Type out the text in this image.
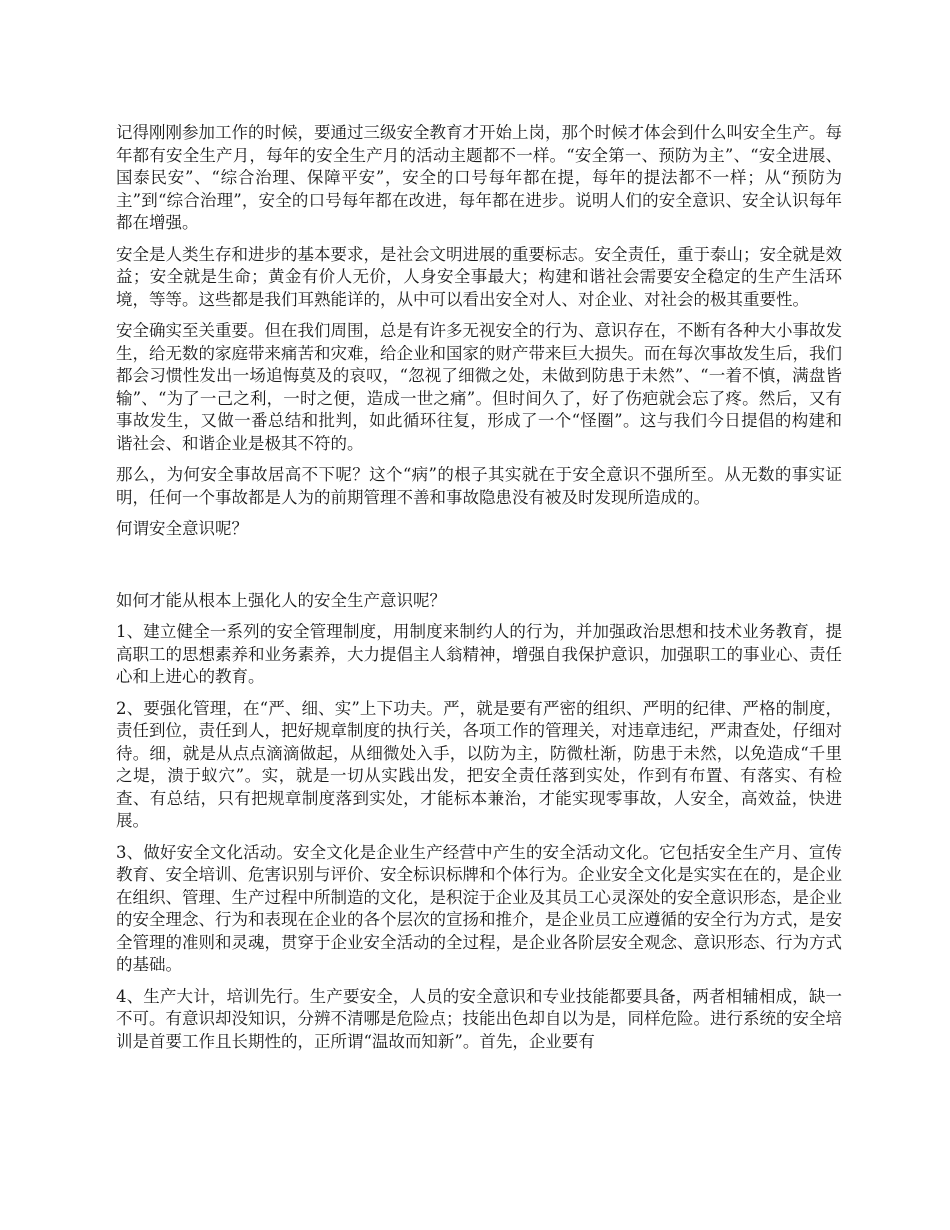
记得刚刚参加工作的时候，要通过三级安全教育才开始上岗，那个时候才体会到什么叫安全生产。每年都有安全生产月，每年的安全生产月的活动主题都不一样。“安全第一、预防为主”、“安全进展、国泰民安”、“综合治理、保障平安”，安全的口号每年都在提，每年的提法都不一样；从“预防为主”到“综合治理”，安全的口号每年都在改进，每年都在进步。说明人们的安全意识、安全认识每年都在增强。

安全是人类生存和进步的基本要求，是社会文明进展的重要标志。安全责任，重于泰山；安全就是效益；安全就是生命；黄金有价人无价，人身安全事最大；构建和谐社会需要安全稳定的生产生活环境，等等。这些都是我们耳熟能详的，从中可以看出安全对人、对企业、对社会的极其重要性。

安全确实至关重要。但在我们周围，总是有许多无视安全的行为、意识存在，不断有各种大小事故发生，给无数的家庭带来痛苦和灾难，给企业和国家的财产带来巨大损失。而在每次事故发生后，我们都会习惯性发出一场追悔莫及的哀叹，“忽视了细微之处，未做到防患于未然”、“一着不慎，满盘皆输”、“为了一己之利，一时之便，造成一世之痛”。但时间久了，好了伤疤就会忘了疼。然后，又有事故发生，又做一番总结和批判，如此循环往复，形成了一个“怪圈”。这与我们今日提倡的构建和谐社会、和谐企业是极其不符的。

那么，为何安全事故居高不下呢？这个“病”的根子其实就在于安全意识不强所至。从无数的事实证明，任何一个事故都是人为的前期管理不善和事故隐患没有被及时发现所造成的。

何谓安全意识呢？

如何才能从根本上强化人的安全生产意识呢？

1、建立健全一系列的安全管理制度，用制度来制约人的行为，并加强政治思想和技术业务教育，提高职工的思想素养和业务素养，大力提倡主人翁精神，增强自我保护意识，加强职工的事业心、责任心和上进心的教育。

2、要强化管理，在“严、细、实”上下功夫。严，就是要有严密的组织、严明的纪律、严格的制度，责任到位，责任到人，把好规章制度的执行关，各项工作的管理关，对违章违纪，严肃查处，仔细对待。细，就是从点点滴滴做起，从细微处入手，以防为主，防微杜渐，防患于未然，以免造成“千里之堤，溃于蚁穴”。实，就是一切从实践出发，把安全责任落到实处，作到有布置、有落实、有检查、有总结，只有把规章制度落到实处，才能标本兼治，才能实现零事故，人安全，高效益，快进展。

3、做好安全文化活动。安全文化是企业生产经营中产生的安全活动文化。它包括安全生产月、宣传教育、安全培训、危害识别与评价、安全标识标牌和个体行为。企业安全文化是实实在在的，是企业在组织、管理、生产过程中所制造的文化，是积淀于企业及其员工心灵深处的安全意识形态，是企业的安全理念、行为和表现在企业的各个层次的宣扬和推介，是企业员工应遵循的安全行为方式，是安全管理的准则和灵魂，贯穿于企业安全活动的全过程，是企业各阶层安全观念、意识形态、行为方式的基础。

4、生产大计，培训先行。生产要安全，人员的安全意识和专业技能都要具备，两者相辅相成，缺一不可。有意识却没知识，分辨不清哪是危险点；技能出色却自以为是，同样危险。进行系统的安全培训是首要工作且长期性的，正所谓“温故而知新”。首先，企业要有
